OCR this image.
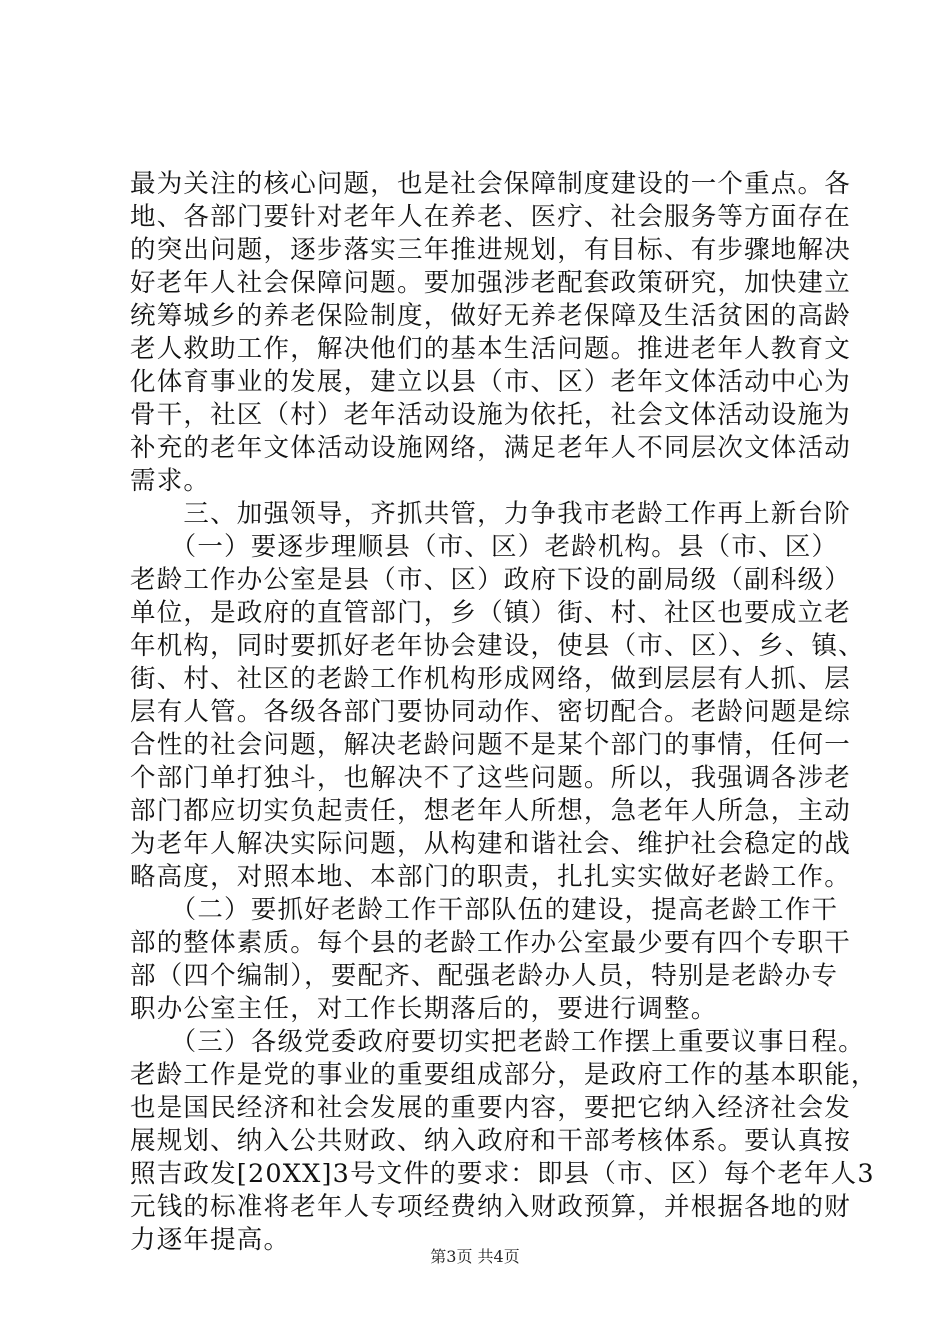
最为关注的核心问题，也是社会保障制度建设的一个重点。各
地、各部门要针对老年人在养老、医疗、社会服务等方面存在
的突出问题，逐步落实三年推进规划，有目标、有步骤地解决
好老年人社会保障问题。要加强涉老配套政策研究，加快建立
统筹城乡的养老保险制度，做好无养老保障及生活贫困的高龄
老人救助工作，解决他们的基本生活问题。推进老年人教育文
化体育事业的发展，建立以县（市、区）老年文体活动中心为
骨干，社区（村）老年活动设施为依托，社会文体活动设施为
补充的老年文体活动设施网络，满足老年人不同层次文体活动
需求。
　　三、加强领导，齐抓共管，力争我市老龄工作再上新台阶
　　（一）要逐步理顺县（市、区）老龄机构。县（市、区）
老龄工作办公室是县（市、区）政府下设的副局级（副科级）
单位，是政府的直管部门，乡（镇）街、村、社区也要成立老
年机构，同时要抓好老年协会建设，使县（市、区）、乡、镇、
街、村、社区的老龄工作机构形成网络，做到层层有人抓、层
层有人管。各级各部门要协同动作、密切配合。老龄问题是综
合性的社会问题，解决老龄问题不是某个部门的事情，任何一
个部门单打独斗，也解决不了这些问题。所以，我强调各涉老
部门都应切实负起责任，想老年人所想，急老年人所急，主动
为老年人解决实际问题，从构建和谐社会、维护社会稳定的战
略高度，对照本地、本部门的职责，扎扎实实做好老龄工作。
　　（二）要抓好老龄工作干部队伍的建设，提高老龄工作干
部的整体素质。每个县的老龄工作办公室最少要有四个专职干
部（四个编制），要配齐、配强老龄办人员，特别是老龄办专
职办公室主任，对工作长期落后的，要进行调整。
　　（三）各级党委政府要切实把老龄工作摆上重要议事日程。
老龄工作是党的事业的重要组成部分，是政府工作的基本职能，
也是国民经济和社会发展的重要内容，要把它纳入经济社会发
展规划、纳入公共财政、纳入政府和干部考核体系。要认真按
照吉政发[20XX]3号文件的要求：即县（市、区）每个老年人3
元钱的标准将老年人专项经费纳入财政预算，并根据各地的财
力逐年提高。
第3页 共4页
